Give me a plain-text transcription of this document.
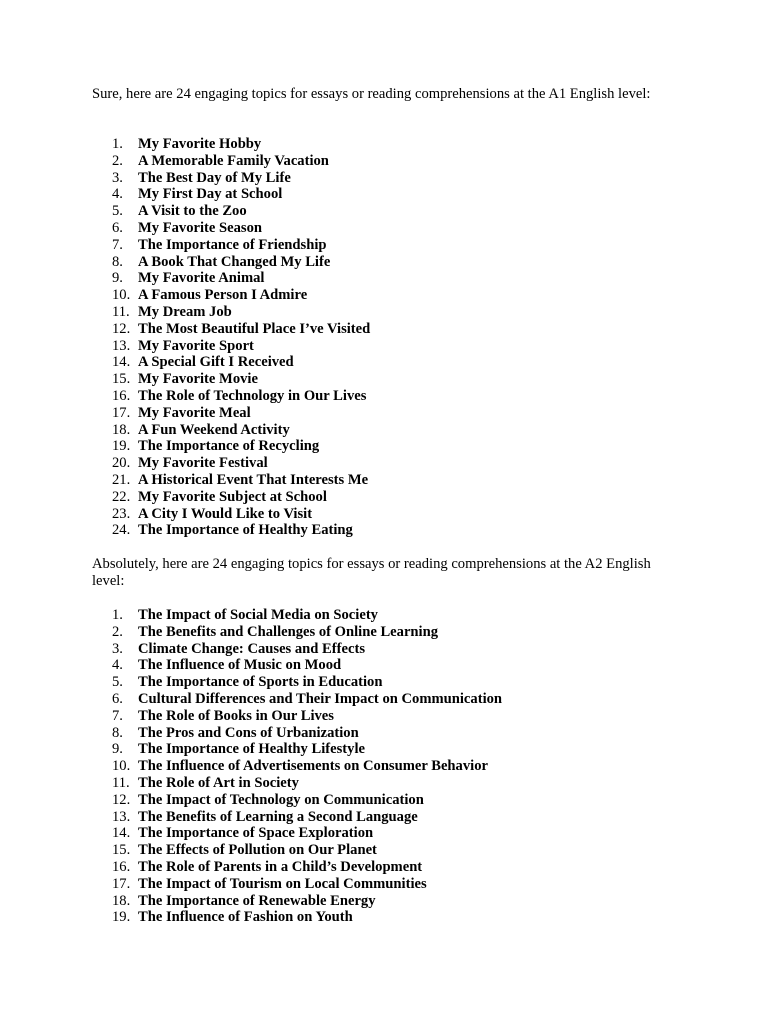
Sure, here are 24 engaging topics for essays or reading comprehensions at the A1 English level:

1. My Favorite Hobby
2. A Memorable Family Vacation
3. The Best Day of My Life
4. My First Day at School
5. A Visit to the Zoo
6. My Favorite Season
7. The Importance of Friendship
8. A Book That Changed My Life
9. My Favorite Animal
10. A Famous Person I Admire
11. My Dream Job
12. The Most Beautiful Place I’ve Visited
13. My Favorite Sport
14. A Special Gift I Received
15. My Favorite Movie
16. The Role of Technology in Our Lives
17. My Favorite Meal
18. A Fun Weekend Activity
19. The Importance of Recycling
20. My Favorite Festival
21. A Historical Event That Interests Me
22. My Favorite Subject at School
23. A City I Would Like to Visit
24. The Importance of Healthy Eating

Absolutely, here are 24 engaging topics for essays or reading comprehensions at the A2 English level:

1. The Impact of Social Media on Society
2. The Benefits and Challenges of Online Learning
3. Climate Change: Causes and Effects
4. The Influence of Music on Mood
5. The Importance of Sports in Education
6. Cultural Differences and Their Impact on Communication
7. The Role of Books in Our Lives
8. The Pros and Cons of Urbanization
9. The Importance of Healthy Lifestyle
10. The Influence of Advertisements on Consumer Behavior
11. The Role of Art in Society
12. The Impact of Technology on Communication
13. The Benefits of Learning a Second Language
14. The Importance of Space Exploration
15. The Effects of Pollution on Our Planet
16. The Role of Parents in a Child’s Development
17. The Impact of Tourism on Local Communities
18. The Importance of Renewable Energy
19. The Influence of Fashion on Youth
